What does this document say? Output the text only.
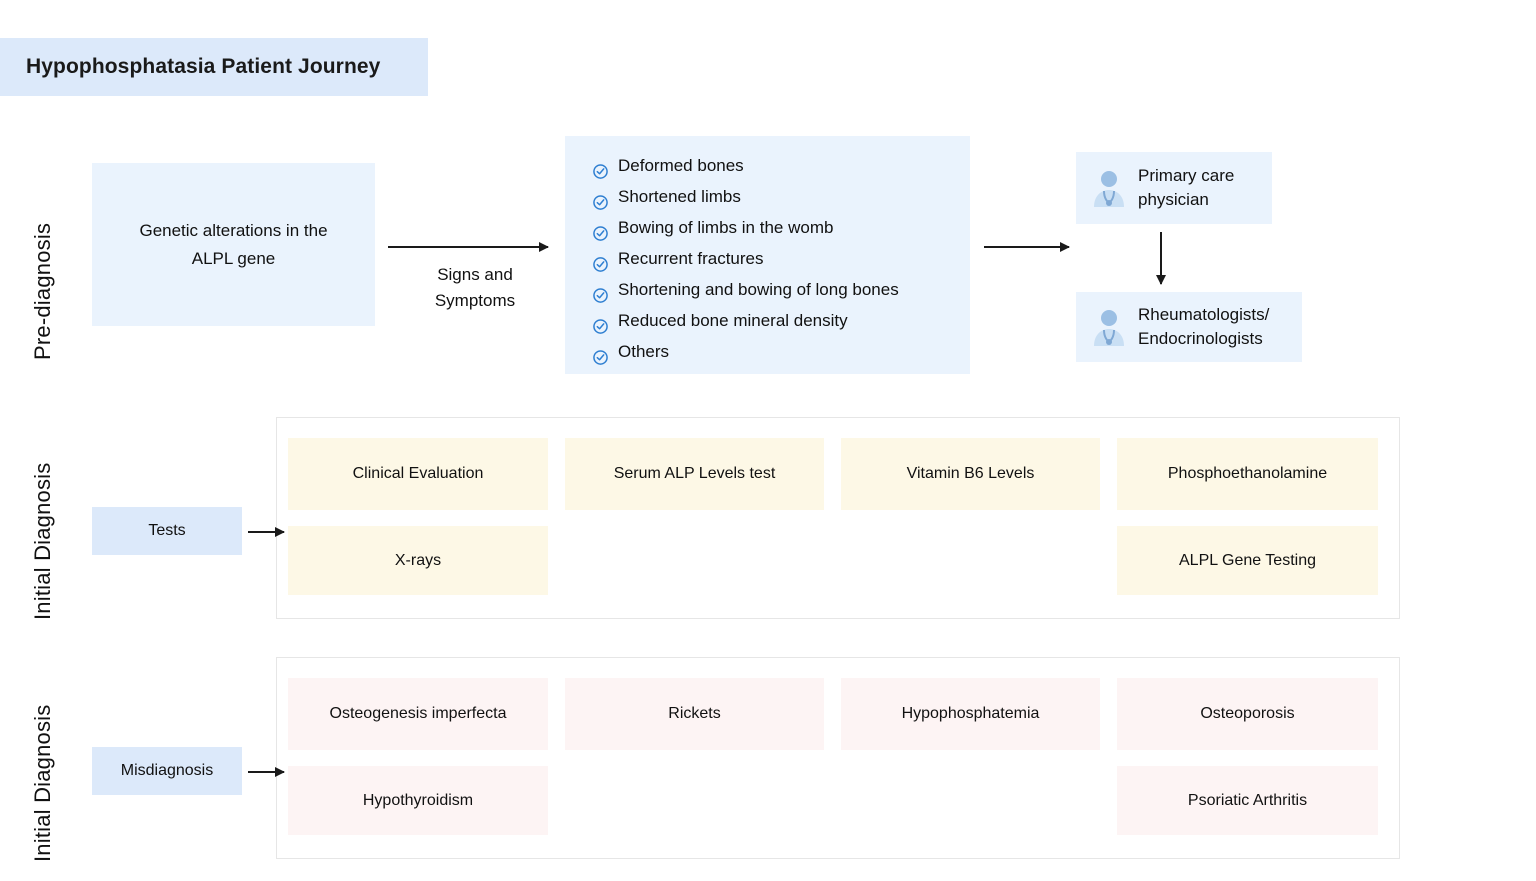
Hypophosphatasia Patient Journey
Pre-diagnosis
Initial Diagnosis
Initial Diagnosis
Genetic alterations in the ALPL gene
Signs and Symptoms
Deformed bones
Shortened limbs
Bowing of limbs in the womb
Recurrent fractures
Shortening and bowing of long bones
Reduced bone mineral density
Others
Primary care physician
Rheumatologists/ Endocrinologists
Tests
Clinical Evaluation	Serum ALP Levels test	Vitamin B6 Levels	Phosphoethanolamine
X-rays	ALPL Gene Testing
Misdiagnosis
Osteogenesis imperfecta	Rickets	Hypophosphatemia	Osteoporosis
Hypothyroidism	Psoriatic Arthritis
